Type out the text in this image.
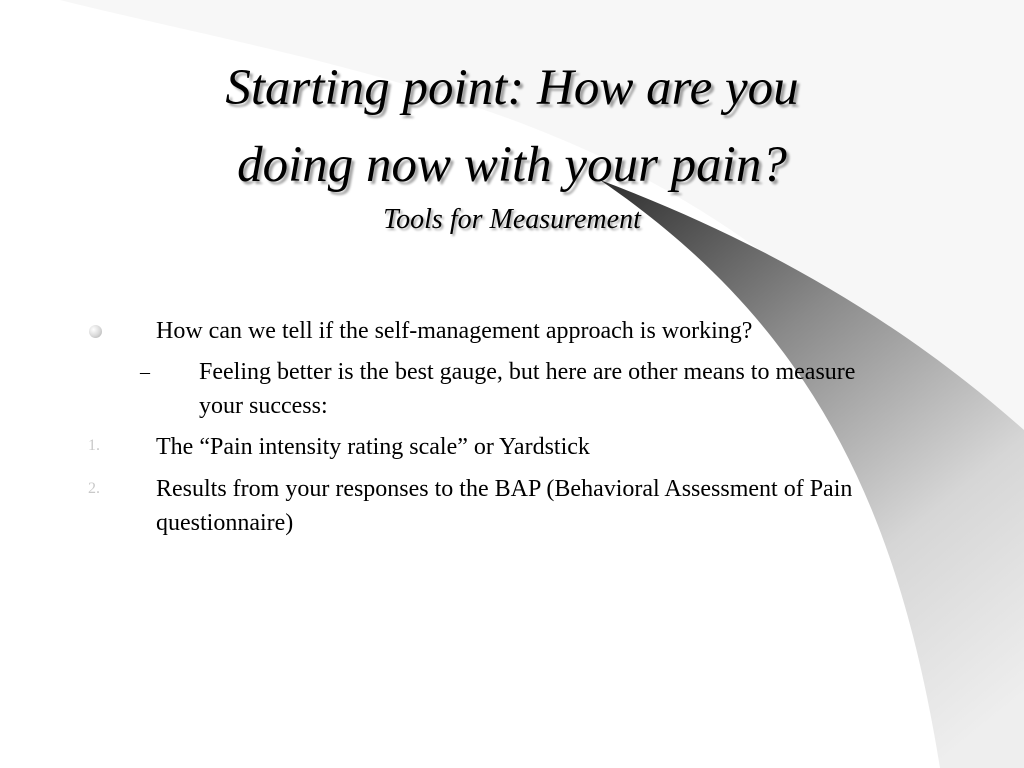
Starting point: How are you
doing now with your pain?
Tools for Measurement
How can we tell if the self-management approach is working?
– Feeling better is the best gauge, but here are other means to measure your success:
1. The “Pain intensity rating scale” or Yardstick
2. Results from your responses to the BAP (Behavioral Assessment of Pain questionnaire)
